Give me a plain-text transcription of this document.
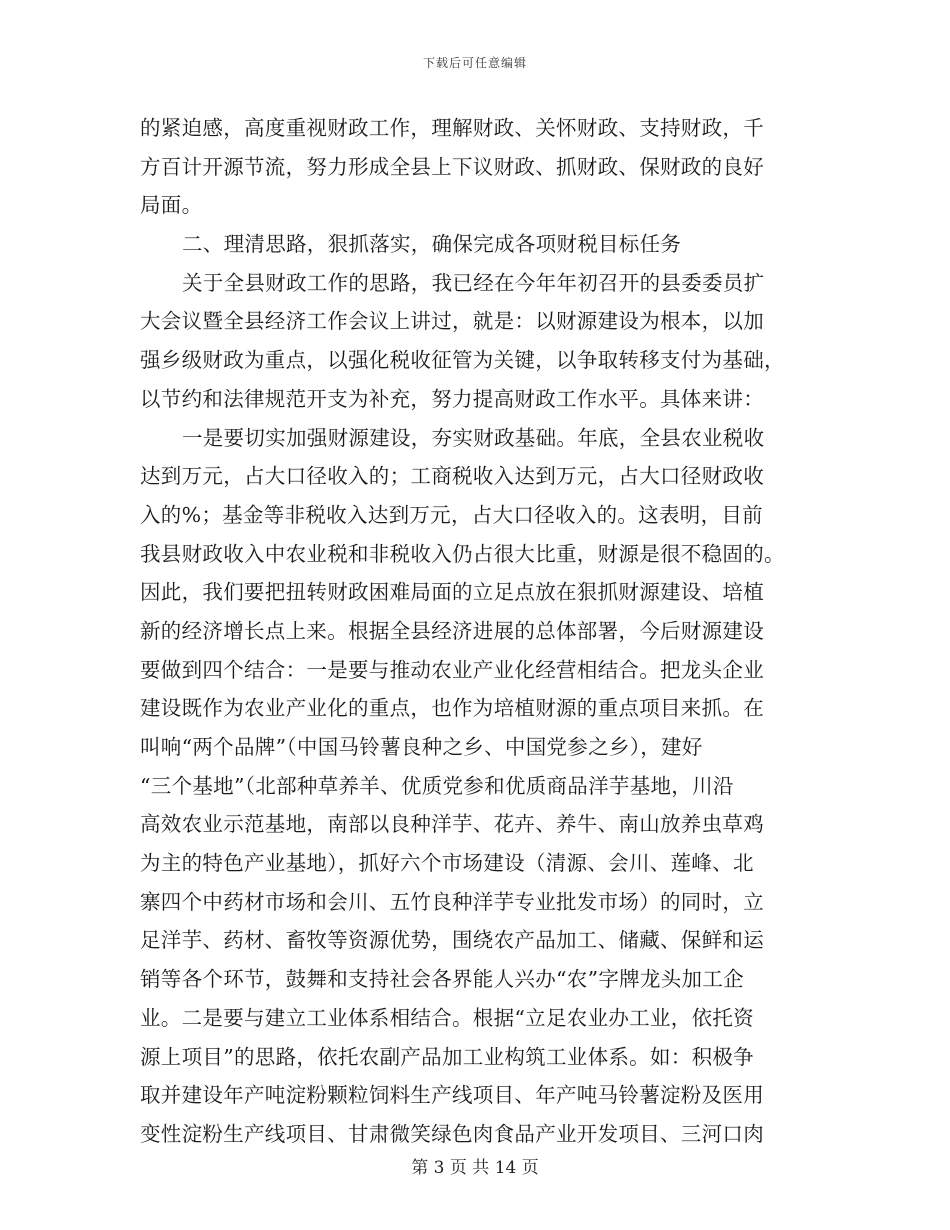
下载后可任意编辑
的紧迫感，高度重视财政工作，理解财政、关怀财政、支持财政，千
方百计开源节流，努力形成全县上下议财政、抓财政、保财政的良好
局面。
二、理清思路，狠抓落实，确保完成各项财税目标任务
关于全县财政工作的思路，我已经在今年年初召开的县委委员扩
大会议暨全县经济工作会议上讲过，就是：以财源建设为根本，以加
强乡级财政为重点，以强化税收征管为关键，以争取转移支付为基础，
以节约和法律规范开支为补充，努力提高财政工作水平。具体来讲：
一是要切实加强财源建设，夯实财政基础。年底，全县农业税收
达到万元，占大口径收入的；工商税收入达到万元，占大口径财政收
入的%；基金等非税收入达到万元，占大口径收入的。这表明，目前
我县财政收入中农业税和非税收入仍占很大比重，财源是很不稳固的。
因此，我们要把扭转财政困难局面的立足点放在狠抓财源建设、培植
新的经济增长点上来。根据全县经济进展的总体部署，今后财源建设
要做到四个结合：一是要与推动农业产业化经营相结合。把龙头企业
建设既作为农业产业化的重点，也作为培植财源的重点项目来抓。在
叫响“两个品牌”（中国马铃薯良种之乡、中国党参之乡），建好
“三个基地”（北部种草养羊、优质党参和优质商品洋芋基地，川沿
高效农业示范基地，南部以良种洋芋、花卉、养牛、南山放养虫草鸡
为主的特色产业基地），抓好六个市场建设（清源、会川、莲峰、北
寨四个中药材市场和会川、五竹良种洋芋专业批发市场）的同时，立
足洋芋、药材、畜牧等资源优势，围绕农产品加工、储藏、保鲜和运
销等各个环节，鼓舞和支持社会各界能人兴办“农”字牌龙头加工企
业。二是要与建立工业体系相结合。根据“立足农业办工业，依托资
源上项目”的思路，依托农副产品加工业构筑工业体系。如：积极争
取并建设年产吨淀粉颗粒饲料生产线项目、年产吨马铃薯淀粉及医用
变性淀粉生产线项目、甘肃微笑绿色肉食品产业开发项目、三河口肉
第 3 页 共 14 页
